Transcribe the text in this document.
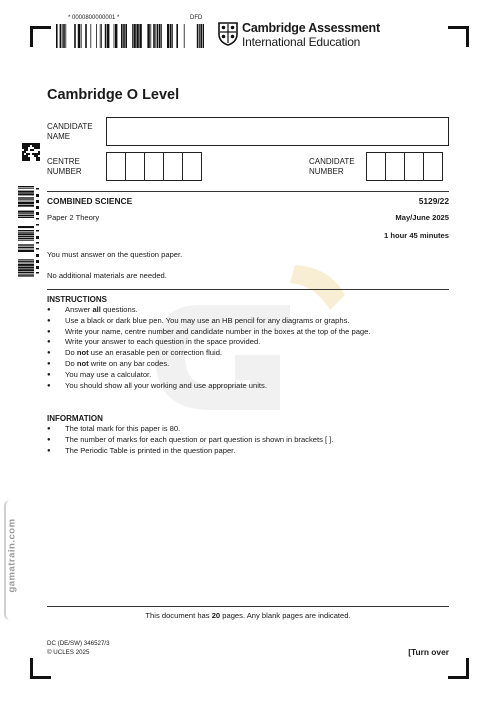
* 0000800000001 *	DFD
Cambridge Assessment
International Education
Cambridge O Level
CANDIDATE
NAME
CENTRE
NUMBER
CANDIDATE
NUMBER
COMBINED SCIENCE	5129/22
Paper 2 Theory	May/June 2025
1 hour 45 minutes
You must answer on the question paper.
No additional materials are needed.
INSTRUCTIONS
● Answer all questions.
● Use a black or dark blue pen. You may use an HB pencil for any diagrams or graphs.
● Write your name, centre number and candidate number in the boxes at the top of the page.
● Write your answer to each question in the space provided.
● Do not use an erasable pen or correction fluid.
● Do not write on any bar codes.
● You may use a calculator.
● You should show all your working and use appropriate units.
INFORMATION
● The total mark for this paper is 80.
● The number of marks for each question or part question is shown in brackets [ ].
● The Periodic Table is printed in the question paper.
gamatrain.com
This document has 20 pages. Any blank pages are indicated.
DC (DE/SW) 346527/3
© UCLES 2025	[Turn over
